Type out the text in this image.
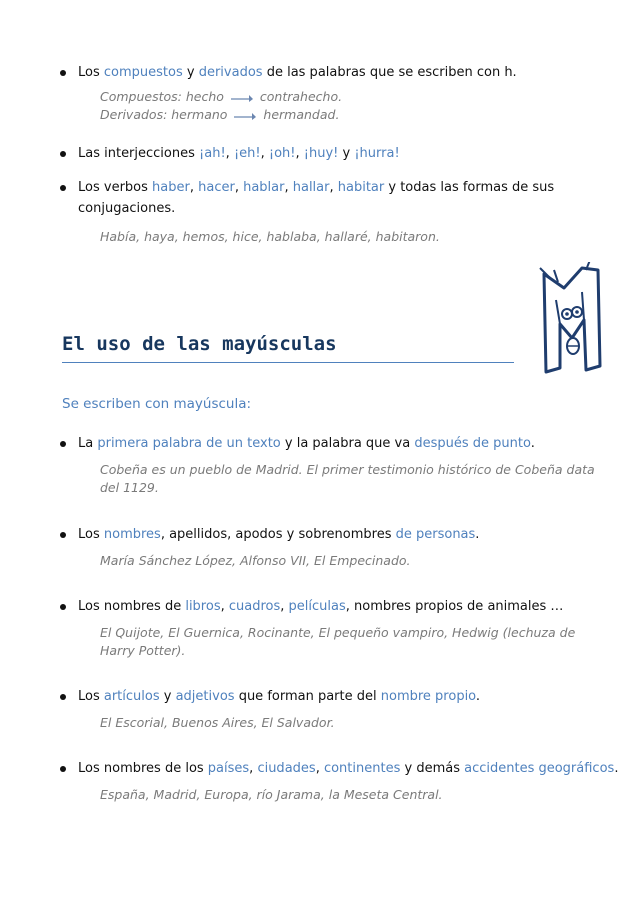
Los compuestos y derivados de las palabras que se escriben con h.
Compuestos: hecho	contrahecho.
Derivados: hermano	hermandad.
Las interjecciones ¡ah!, ¡eh!, ¡oh!, ¡huy! y ¡hurra!
Los verbos haber, hacer, hablar, hallar, habitar y todas las formas de sus
conjugaciones.
Había, haya, hemos, hice, hablaba, hallaré, habitaron.
El uso de las mayúsculas
Se escriben con mayúscula:
La primera palabra de un texto y la palabra que va después de punto.
Cobeña es un pueblo de Madrid. El primer testimonio histórico de Cobeña data
del 1129.
Los nombres, apellidos, apodos y sobrenombres de personas.
María Sánchez López, Alfonso VII, El Empecinado.
Los nombres de libros, cuadros, películas, nombres propios de animales …
El Quijote, El Guernica, Rocinante, El pequeño vampiro, Hedwig (lechuza de
Harry Potter).
Los artículos y adjetivos que forman parte del nombre propio.
El Escorial, Buenos Aires, El Salvador.
Los nombres de los países, ciudades, continentes y demás accidentes geográficos.
España, Madrid, Europa, río Jarama, la Meseta Central.
